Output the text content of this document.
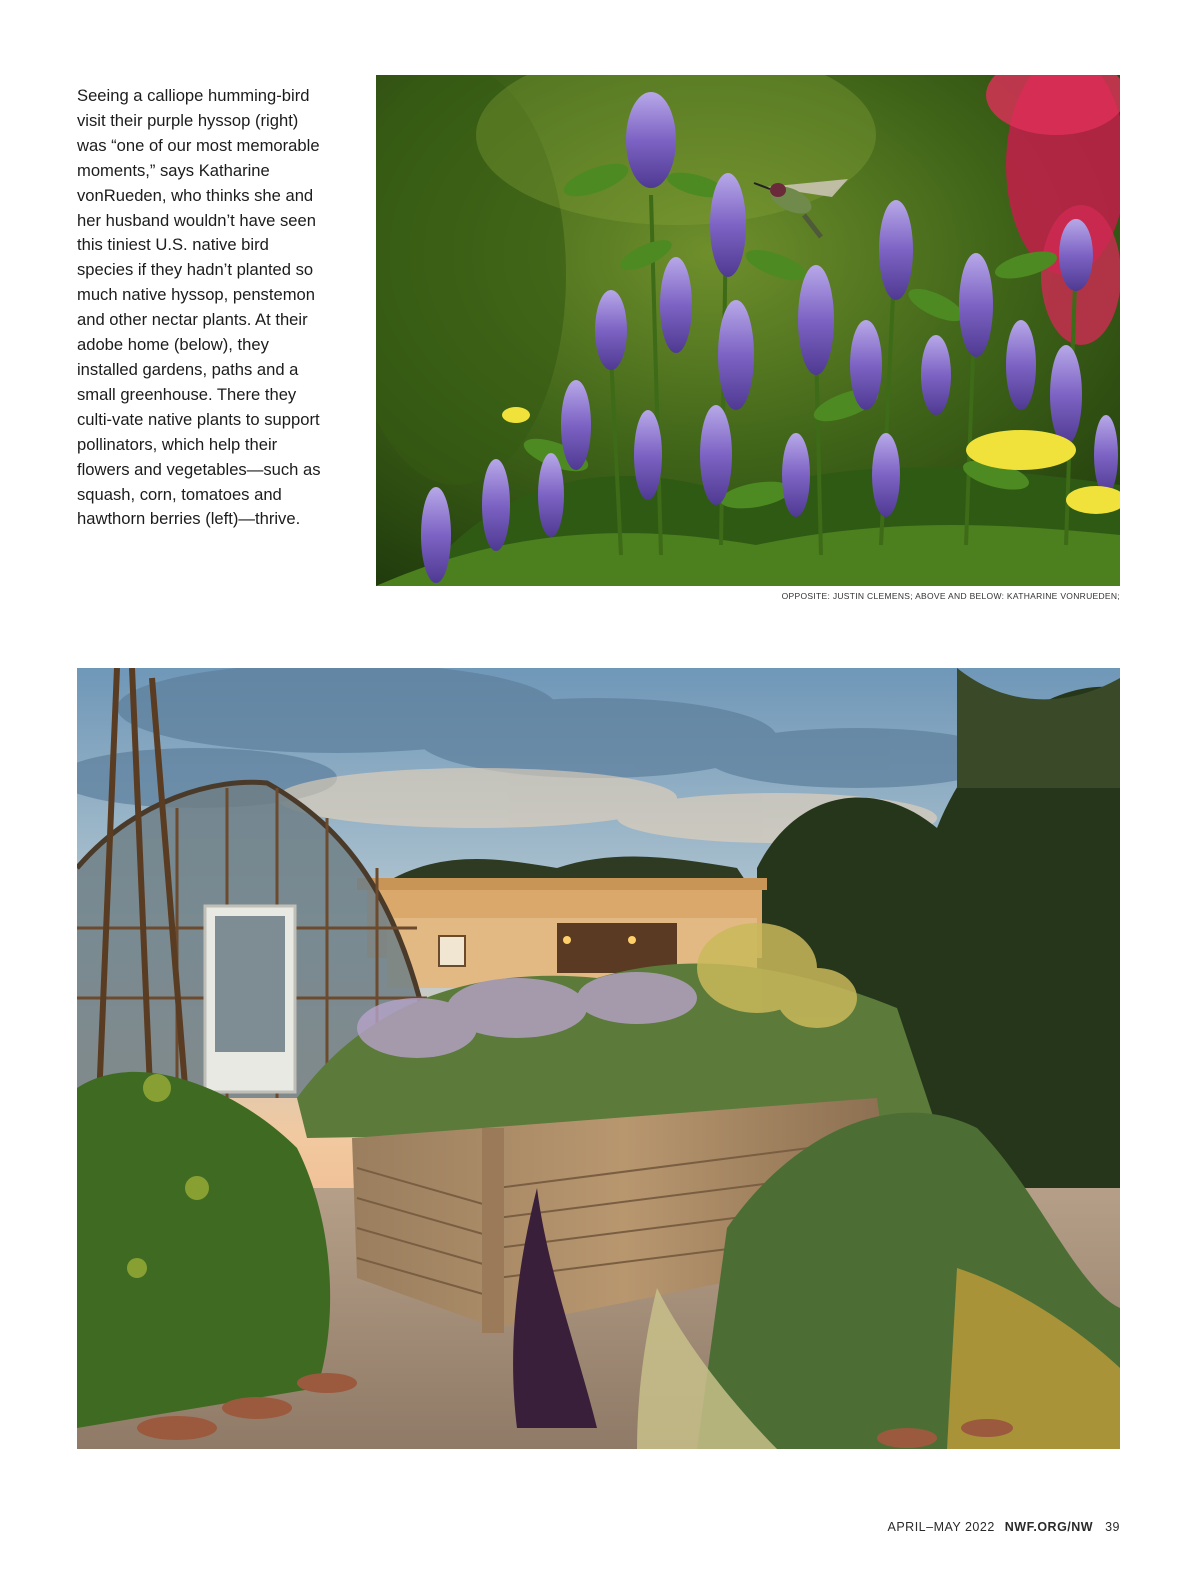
Seeing a calliope humming-bird visit their purple hyssop (right) was “one of our most memorable moments,” says Katharine vonRueden, who thinks she and her husband wouldn’t have seen this tiniest U.S. native bird species if they hadn’t planted so much native hyssop, penstemon and other nectar plants. At their adobe home (below), they installed gardens, paths and a small greenhouse. There they culti-vate native plants to support pollinators, which help their flowers and vegetables—such as squash, corn, tomatoes and hawthorn berries (left)—thrive.

OPPOSITE: JUSTIN CLEMENS; ABOVE AND BELOW: KATHARINE VONRUEDEN;
APRIL–MAY 2022 NWF.ORG/NW 39
